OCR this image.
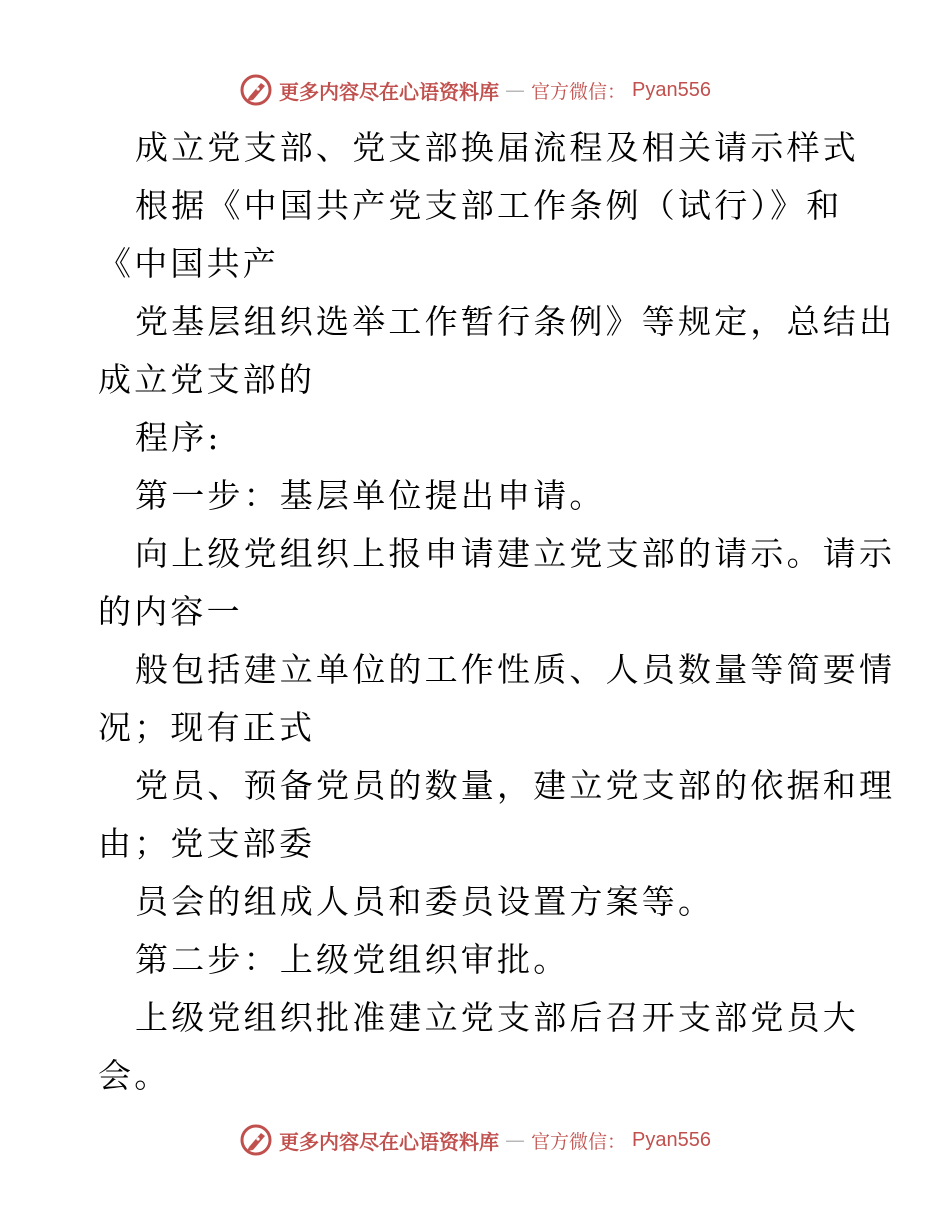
更多内容尽在心语资料库 — 官方微信： Pyan556
成立党支部、党支部换届流程及相关请示样式
根据《中国共产党支部工作条例（试行）》和
《中国共产
党基层组织选举工作暂行条例》等规定，总结出
成立党支部的
程序:
第一步：基层单位提出申请。
向上级党组织上报申请建立党支部的请示。请示
的内容一
般包括建立单位的工作性质、人员数量等简要情
况；现有正式
党员、预备党员的数量，建立党支部的依据和理
由；党支部委
员会的组成人员和委员设置方案等。
第二步：上级党组织审批。
上级党组织批准建立党支部后召开支部党员大
会。
更多内容尽在心语资料库 — 官方微信： Pyan556
